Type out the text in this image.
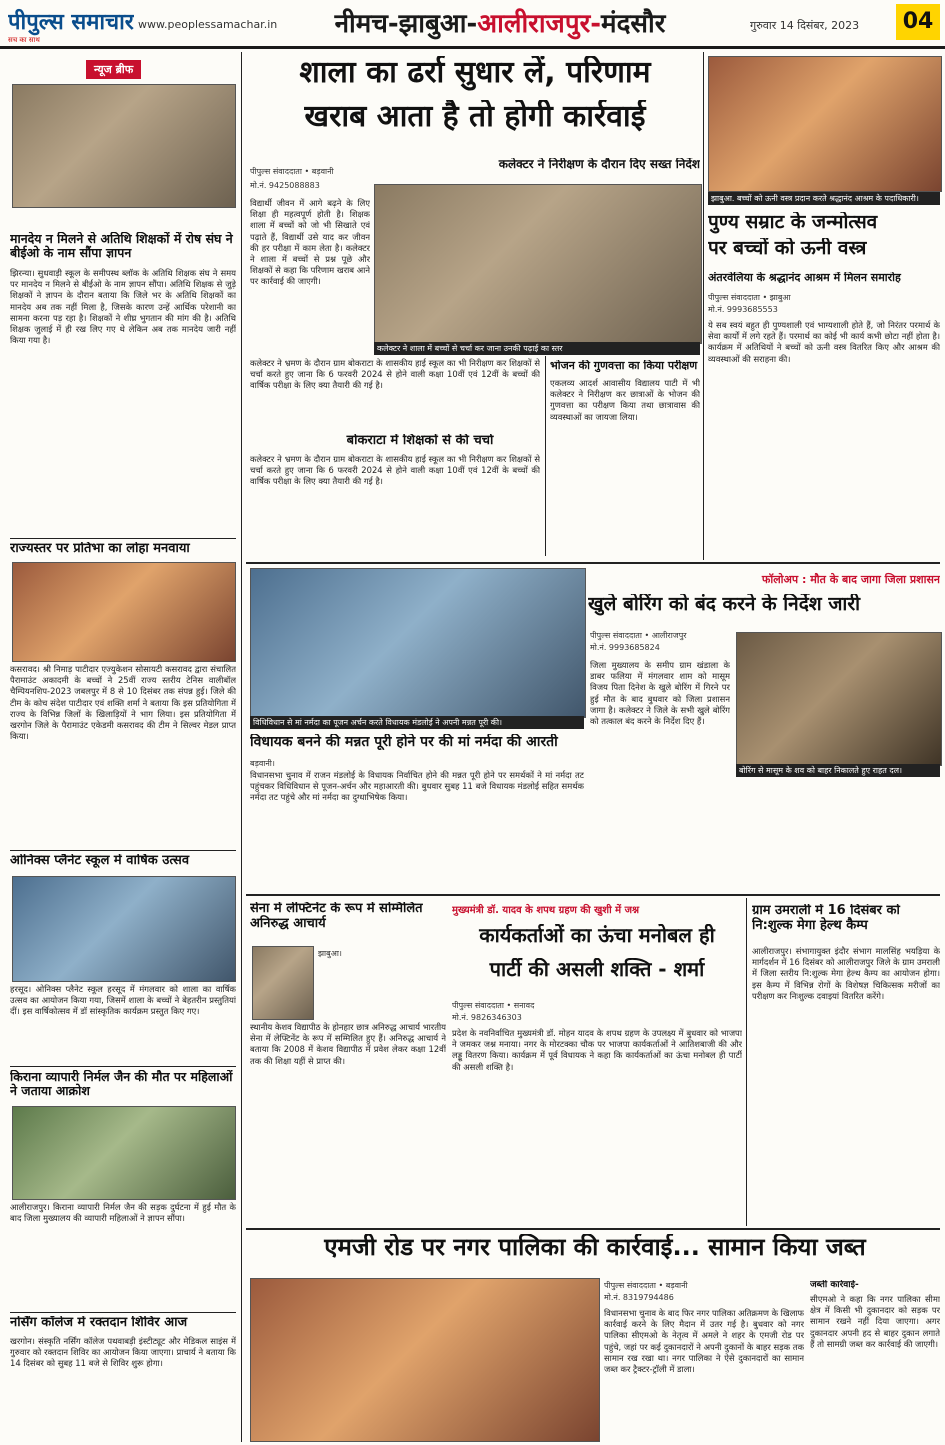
पीपुल्स समाचार
सच का साथ
www.peoplessamachar.in	नीमच-झाबुआ-आलीराजपुर-मंदसौर	गुरुवार 14 दिसंबर, 2023	04
न्यूज ब्रीफ
मानदेय न मिलने से अतिथि शिक्षकों में रोष संघ ने बीईओ के नाम सौंपा ज्ञापन
झिरन्या। सुधवाड़ी स्कूल के समीपस्थ ब्लॉक के अतिथि शिक्षक संघ ने समय पर मानदेय न मिलने से बीईओ के नाम ज्ञापन सौंपा। अतिथि शिक्षक से जुड़े शिक्षकों ने ज्ञापन के दौरान बताया कि जिले भर के अतिथि शिक्षकों का मानदेय अब तक नहीं मिला है, जिसके कारण उन्हें आर्थिक परेशानी का सामना करना पड़ रहा है। शिक्षकों ने शीघ्र भुगतान की मांग की है। अतिथि शिक्षक जुलाई में ही रख लिए गए थे लेकिन अब तक मानदेय जारी नहीं किया गया है।
राज्यस्तर पर प्रतिभा का लोहा मनवाया
कसरावद। श्री निमाड़ पाटीदार एज्युकेशन सोसायटी कसरावद द्वारा संचालित पैरामाउंट अकादमी के बच्चों ने 25वीं राज्य स्तरीय टेनिस वालीबॉल चैम्पियनशिप-2023 जबलपुर में 8 से 10 दिसंबर तक संपन्न हुई। जिले की टीम के कोच संदेश पाटीदार एवं शक्ति शर्मा ने बताया कि इस प्रतियोगिता में राज्य के विभिन्न जिलों के खिलाड़ियों ने भाग लिया। इस प्रतियोगिता में खरगोन जिले के पैरामाउंट एकेडमी कसरावद की टीम ने सिल्वर मेडल प्राप्त किया।
ओनिक्स प्लैनेट स्कूल में वार्षिक उत्सव
हरसूद। ओनिक्स प्लैनेट स्कूल हरसूद में मंगलवार को शाला का वार्षिक उत्सव का आयोजन किया गया, जिसमें शाला के बच्चों ने बेहतरीन प्रस्तुतियां दीं। इस वार्षिकोत्सव में डॉ सांस्कृतिक कार्यक्रम प्रस्तुत किए गए।
किराना व्यापारी निर्मल जैन की मौत पर महिलाओं ने जताया आक्रोश
आलीराजपुर। किराना व्यापारी निर्मल जैन की सड़क दुर्घटना में हुई मौत के बाद जिला मुख्यालय की व्यापारी महिलाओं ने ज्ञापन सौंपा।
नर्सिंग कॉलेज में रक्तदान शिविर आज
खरगोन। संस्कृति नर्सिंग कॉलेज पथवाबड़ी इंस्टीट्यूट और मेडिकल साइंस में गुरुवार को रक्तदान शिविर का आयोजन किया जाएगा। प्राचार्य ने बताया कि 14 दिसंबर को सुबह 11 बजे से शिविर शुरू होगा।
शाला का ढर्रा सुधार लें, परिणाम
खराब आता है तो होगी कार्रवाई
कलेक्टर ने निरीक्षण के दौरान दिए सख्त निर्देश
पीपुल्स संवाददाता • बड़वानी
मो.नं. 9425088883
विद्यार्थी जीवन में आगे बढ़ने के लिए शिक्षा ही महत्वपूर्ण होती है। शिक्षक शाला में बच्चों को जो भी सिखाते एवं पढ़ाते हैं, विद्यार्थी उसे याद कर जीवन की हर परीक्षा में काम लेता है। कलेक्टर ने शाला में बच्चों से प्रश्न पूछे और शिक्षकों से कहा कि परिणाम खराब आने पर कार्रवाई की जाएगी।
कलेक्टर ने शाला में बच्चों से चर्चा कर जाना उनकी पढ़ाई का स्तर
कलेक्टर ने भ्रमण के दौरान ग्राम बोकराटा के शासकीय हाई स्कूल का भी निरीक्षण कर शिक्षकों से चर्चा करते हुए जाना कि 6 फरवरी 2024 से होने वाली कक्षा 10वीं एवं 12वीं के बच्चों की वार्षिक परीक्षा के लिए क्या तैयारी की गई है।
बोकराटा में शिक्षकों से की चर्चा
कलेक्टर ने भ्रमण के दौरान ग्राम बोकराटा के शासकीय हाई स्कूल का भी निरीक्षण कर शिक्षकों से चर्चा करते हुए जाना कि 6 फरवरी 2024 से होने वाली कक्षा 10वीं एवं 12वीं के बच्चों की वार्षिक परीक्षा के लिए क्या तैयारी की गई है।
भोजन की गुणवत्ता का किया परीक्षण
एकलव्य आदर्श आवासीय विद्यालय पाटी में भी कलेक्टर ने निरीक्षण कर छात्राओं के भोजन की गुणवत्ता का परीक्षण किया तथा छात्रावास की व्यवस्थाओं का जायजा लिया।
झाबुआ. बच्चों को ऊनी वस्त्र प्रदान करते श्रद्धानंद आश्रम के पदाधिकारी।
पुण्य सम्राट के जन्मोत्सव
पर बच्चों को ऊनी वस्त्र
अंतरवेलिया के श्रद्धानंद आश्रम में मिलन समारोह
पीपुल्स संवाददाता • झाबुआ
मो.नं. 9993685553
ये सब स्वयं बहुत ही पुण्यशाली एवं भाग्यशाली होते हैं, जो निरंतर परमार्थ के सेवा कार्यों में लगे रहते हैं। परमार्थ का कोई भी कार्य कभी छोटा नहीं होता है। कार्यक्रम में अतिथियों ने बच्चों को ऊनी वस्त्र वितरित किए और आश्रम की व्यवस्थाओं की सराहना की।
विधिविधान से मां नर्मदा का पूजन अर्चन करते विधायक मंडलोई ने अपनी मन्नत पूरी की।
विधायक बनने की मन्नत पूरी होने पर की मां नर्मदा की आरती
बड़वानी।
विधानसभा चुनाव में राजन मंडलोई के विधायक निर्वाचित होने की मन्नत पूरी होने पर समर्थकों ने मां नर्मदा तट पहुंचकर विधिविधान से पूजन-अर्चन और महाआरती की। बुधवार सुबह 11 बजे विधायक मंडलोई सहित समर्थक नर्मदा तट पहुंचे और मां नर्मदा का दुग्धाभिषेक किया।
फॉलोअप : मौत के बाद जागा जिला प्रशासन
खुले बोरिंग को बंद करने के निर्देश जारी
पीपुल्स संवाददाता • आलीराजपुर
मो.नं. 9993685824
जिला मुख्यालय के समीप ग्राम खंडाला के डाबर फलिया में मंगलवार शाम को मासूम विजय पिता दिनेश के खुले बोरिंग में गिरने पर हुई मौत के बाद बुधवार को जिला प्रशासन जागा है। कलेक्टर ने जिले के सभी खुले बोरिंग को तत्काल बंद करने के निर्देश दिए हैं।
बोरिंग से मासूम के शव को बाहर निकालते हुए राहत दल।
सेना में लेफ्टिनेंट के रूप में सम्मिलित अनिरुद्ध आचार्य
झाबुआ।
स्थानीय केशव विद्यापीठ के होनहार छात्र अनिरुद्ध आचार्य भारतीय सेना में लेफ्टिनेंट के रूप में सम्मिलित हुए हैं। अनिरुद्ध आचार्य ने बताया कि 2008 में केशव विद्यापीठ में प्रवेश लेकर कक्षा 12वीं तक की शिक्षा यहीं से प्राप्त की।
मुख्यमंत्री डॉ. यादव के शपथ ग्रहण की खुशी में जश्न
कार्यकर्ताओं का ऊंचा मनोबल ही
पार्टी की असली शक्ति - शर्मा
पीपुल्स संवाददाता • सनावद
मो.नं. 9826346303
प्रदेश के नवनिर्वाचित मुख्यमंत्री डॉ. मोहन यादव के शपथ ग्रहण के उपलक्ष्य में बुधवार को भाजपा ने जमकर जश्न मनाया। नगर के मोरटक्का चौक पर भाजपा कार्यकर्ताओं ने आतिशबाजी की और लड्डू वितरण किया। कार्यक्रम में पूर्व विधायक ने कहा कि कार्यकर्ताओं का ऊंचा मनोबल ही पार्टी की असली शक्ति है।
ग्राम उमराली में 16 दिसंबर को नि:शुल्क मेगा हेल्थ कैम्प
आलीराजपुर। संभागायुक्त इंदौर संभाग मालसिंह भयड़िया के मार्गदर्शन में 16 दिसंबर को आलीराजपुर जिले के ग्राम उमराली में जिला स्तरीय नि:शुल्क मेगा हेल्थ कैम्प का आयोजन होगा। इस कैम्प में विभिन्न रोगों के विशेषज्ञ चिकित्सक मरीजों का परीक्षण कर निःशुल्क दवाइयां वितरित करेंगे।
एमजी रोड पर नगर पालिका की कार्रवाई... सामान किया जब्त
पीपुल्स संवाददाता • बड़वानी
मो.नं. 8319794486
विधानसभा चुनाव के बाद फिर नगर पालिका अतिक्रमण के खिलाफ कार्रवाई करने के लिए मैदान में उतर गई है। बुधवार को नगर पालिका सीएमओ के नेतृत्व में अमले ने शहर के एमजी रोड पर पहुंचे, जहां पर कई दुकानदारों ने अपनी दुकानों के बाहर सड़क तक सामान रख रखा था। नगर पालिका ने ऐसे दुकानदारों का सामान जब्त कर ट्रैक्टर-ट्रॉली में डाला।
जब्ती कार्रवाई-
सीएमओ ने कहा कि नगर पालिका सीमा क्षेत्र में किसी भी दुकानदार को सड़क पर सामान रखने नहीं दिया जाएगा। अगर दुकानदार अपनी हद से बाहर दुकान लगाते हैं तो सामग्री जब्त कर कार्रवाई की जाएगी।
